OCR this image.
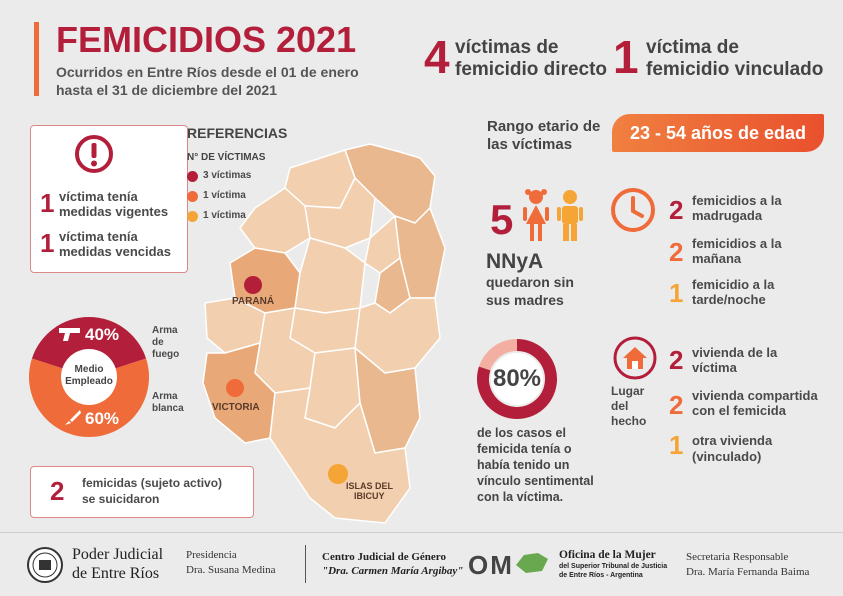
FEMICIDIOS 2021
Ocurridos en Entre Ríos desde el 01 de enero
hasta el 31 de diciembre del 2021
4 víctimas de
femicidio directo 1 víctima de
femicidio vinculado
Rango etario de
las víctimas
23 - 54 años de edad
1 víctima tenía
medidas vigentes
1 víctima tenía
medidas vencidas
REFERENCIAS
N° DE VÍCTIMAS
3 víctimas
1 víctima
1 víctima
PARANÁ
VICTORIA
ISLAS DEL
IBICUY
Medio
Empleado
40%
60%
Arma
de
fuego
Arma
blanca
2 femicidas (sujeto activo)
se suicidaron
5
NNyA
quedaron sin
sus madres
2 femicidios a la
madrugada
2 femicidios a la
mañana
1 femicidio a la
tarde/noche
80%
de los casos el
femicida tenía o
había tenido un
vínculo sentimental
con la víctima.
Lugar
del
hecho
2 vivienda de la
víctima
2 vivienda compartida
con el femicida
1 otra vivienda
(vinculado)
Poder Judicial
de Entre Ríos
Presidencia
Dra. Susana Medina
Centro Judicial de Género
"Dra. Carmen María Argibay" OM	Oficina de la Mujer
del Superior Tribunal de Justicia
de Entre Ríos - Argentina
Secretaria Responsable
Dra. María Fernanda Baima
